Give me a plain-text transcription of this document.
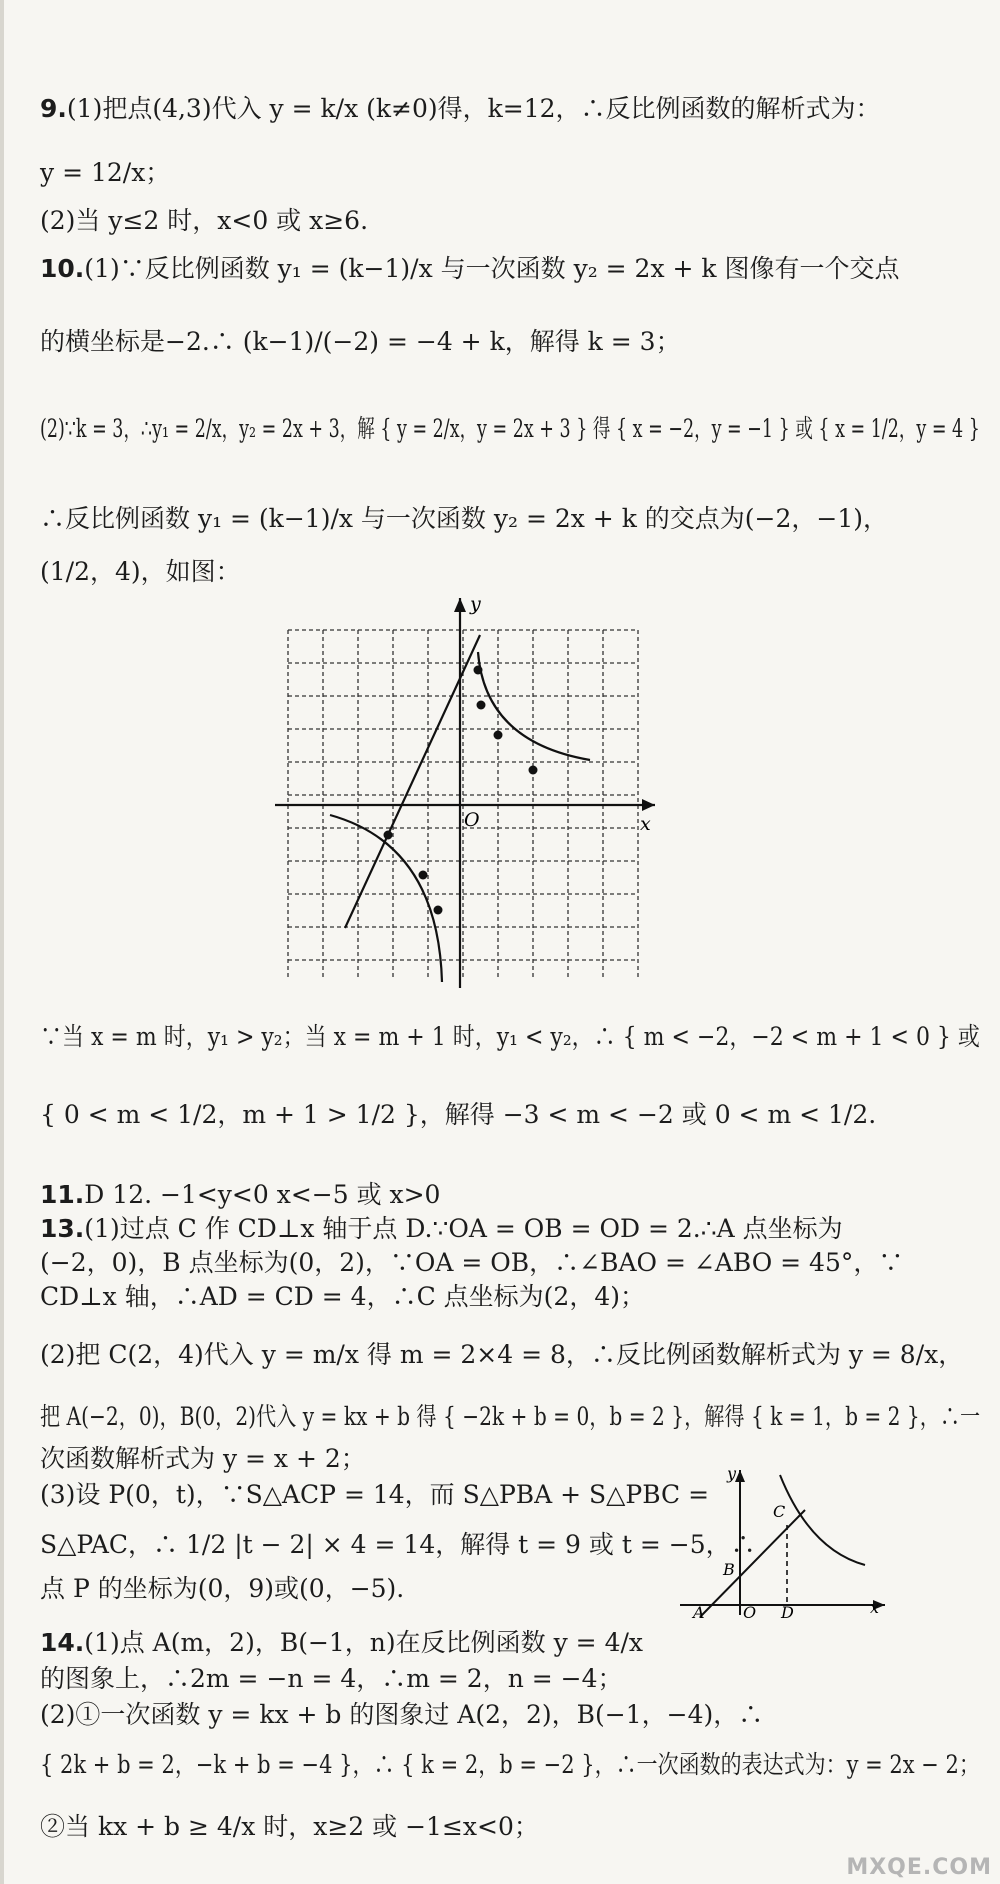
9.(1)把点(4,3)代入 y = k/x (k≠0)得，k=12，∴反比例函数的解析式为：
y = 12/x；
(2)当 y≤2 时，x<0 或 x≥6.
10.(1)∵反比例函数 y₁ = (k−1)/x 与一次函数 y₂ = 2x + k 图像有一个交点
的横坐标是−2.∴ (k−1)/(−2) = −4 + k，解得 k = 3；
(2)∵k = 3，∴y₁ = 2/x，y₂ = 2x + 3，解 { y = 2/x，y = 2x + 3 } 得 { x = −2，y = −1 } 或 { x = 1/2，y = 4 }
∴反比例函数 y₁ = (k−1)/x 与一次函数 y₂ = 2x + k 的交点为(−2，−1)，
(1/2，4)，如图：
x
y
O
∵当 x = m 时，y₁ > y₂；当 x = m + 1 时，y₁ < y₂，∴ { m < −2，−2 < m + 1 < 0 } 或
{ 0 < m < 1/2，m + 1 > 1/2 }，解得 −3 < m < −2 或 0 < m < 1/2.
11.D 12. −1<y<0 x<−5 或 x>0
13.(1)过点 C 作 CD⊥x 轴于点 D.∵OA = OB = OD = 2.∴A 点坐标为
(−2，0)，B 点坐标为(0，2)，∵OA = OB，∴∠BAO = ∠ABO = 45°，∵
CD⊥x 轴，∴AD = CD = 4，∴C 点坐标为(2，4)；
(2)把 C(2，4)代入 y = m/x 得 m = 2×4 = 8，∴反比例函数解析式为 y = 8/x，
把 A(−2，0)，B(0，2)代入 y = kx + b 得 { −2k + b = 0，b = 2 }，解得 { k = 1，b = 2 }，∴一
次函数解析式为 y = x + 2；
(3)设 P(0，t)，∵S△ACP = 14，而 S△PBA + S△PBC =
S△PAC，∴ 1/2 |t − 2| × 4 = 14，解得 t = 9 或 t = −5，∴
点 P 的坐标为(0，9)或(0，−5).
x
y
O
A
B
C
D
14.(1)点 A(m，2)，B(−1，n)在反比例函数 y = 4/x
的图象上，∴2m = −n = 4，∴m = 2，n = −4；
(2)①一次函数 y = kx + b 的图象过 A(2，2)，B(−1，−4)，∴
{ 2k + b = 2，−k + b = −4 }，∴ { k = 2，b = −2 }，∴一次函数的表达式为：y = 2x − 2；
②当 kx + b ≥ 4/x 时，x≥2 或 −1≤x<0；
MXQE.COM
